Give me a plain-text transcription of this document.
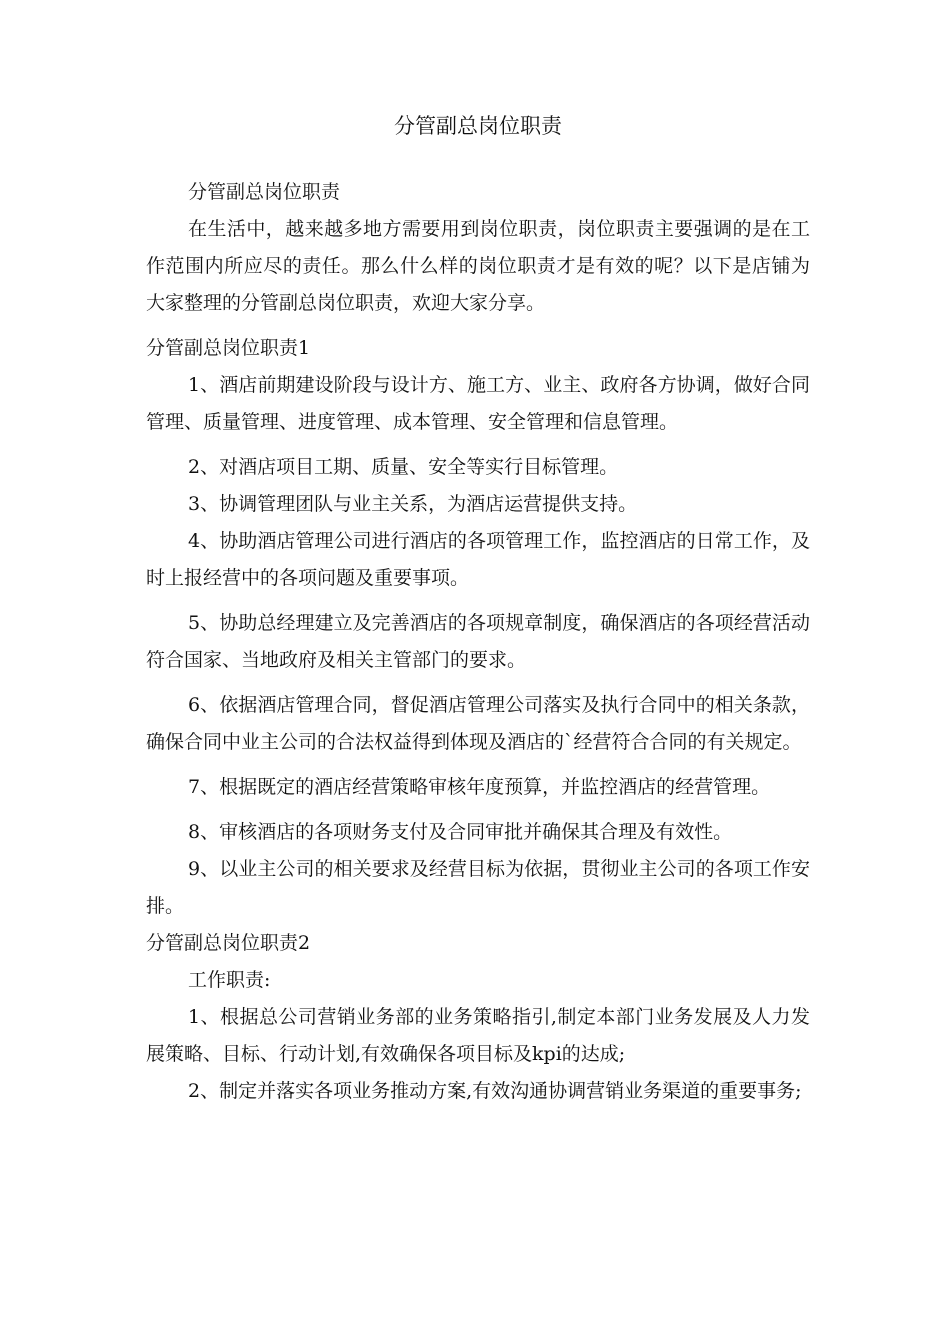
分管副总岗位职责

分管副总岗位职责

在生活中，越来越多地方需要用到岗位职责，岗位职责主要强调的是在工作范围内所应尽的责任。那么什么样的岗位职责才是有效的呢？以下是店铺为大家整理的分管副总岗位职责，欢迎大家分享。

分管副总岗位职责1

1、酒店前期建设阶段与设计方、施工方、业主、政府各方协调，做好合同管理、质量管理、进度管理、成本管理、安全管理和信息管理。

2、对酒店项目工期、质量、安全等实行目标管理。

3、协调管理团队与业主关系，为酒店运营提供支持。

4、协助酒店管理公司进行酒店的各项管理工作，监控酒店的日常工作，及时上报经营中的各项问题及重要事项。

5、协助总经理建立及完善酒店的各项规章制度，确保酒店的各项经营活动符合国家、当地政府及相关主管部门的要求。

6、依据酒店管理合同，督促酒店管理公司落实及执行合同中的相关条款，确保合同中业主公司的合法权益得到体现及酒店的`经营符合合同的有关规定。

7、根据既定的酒店经营策略审核年度预算，并监控酒店的经营管理。

8、审核酒店的各项财务支付及合同审批并确保其合理及有效性。

9、以业主公司的相关要求及经营目标为依据，贯彻业主公司的各项工作安排。

分管副总岗位职责2

工作职责:

1、根据总公司营销业务部的业务策略指引,制定本部门业务发展及人力发展策略、目标、行动计划,有效确保各项目标及kpi的达成;

2、制定并落实各项业务推动方案,有效沟通协调营销业务渠道的重要事务;
